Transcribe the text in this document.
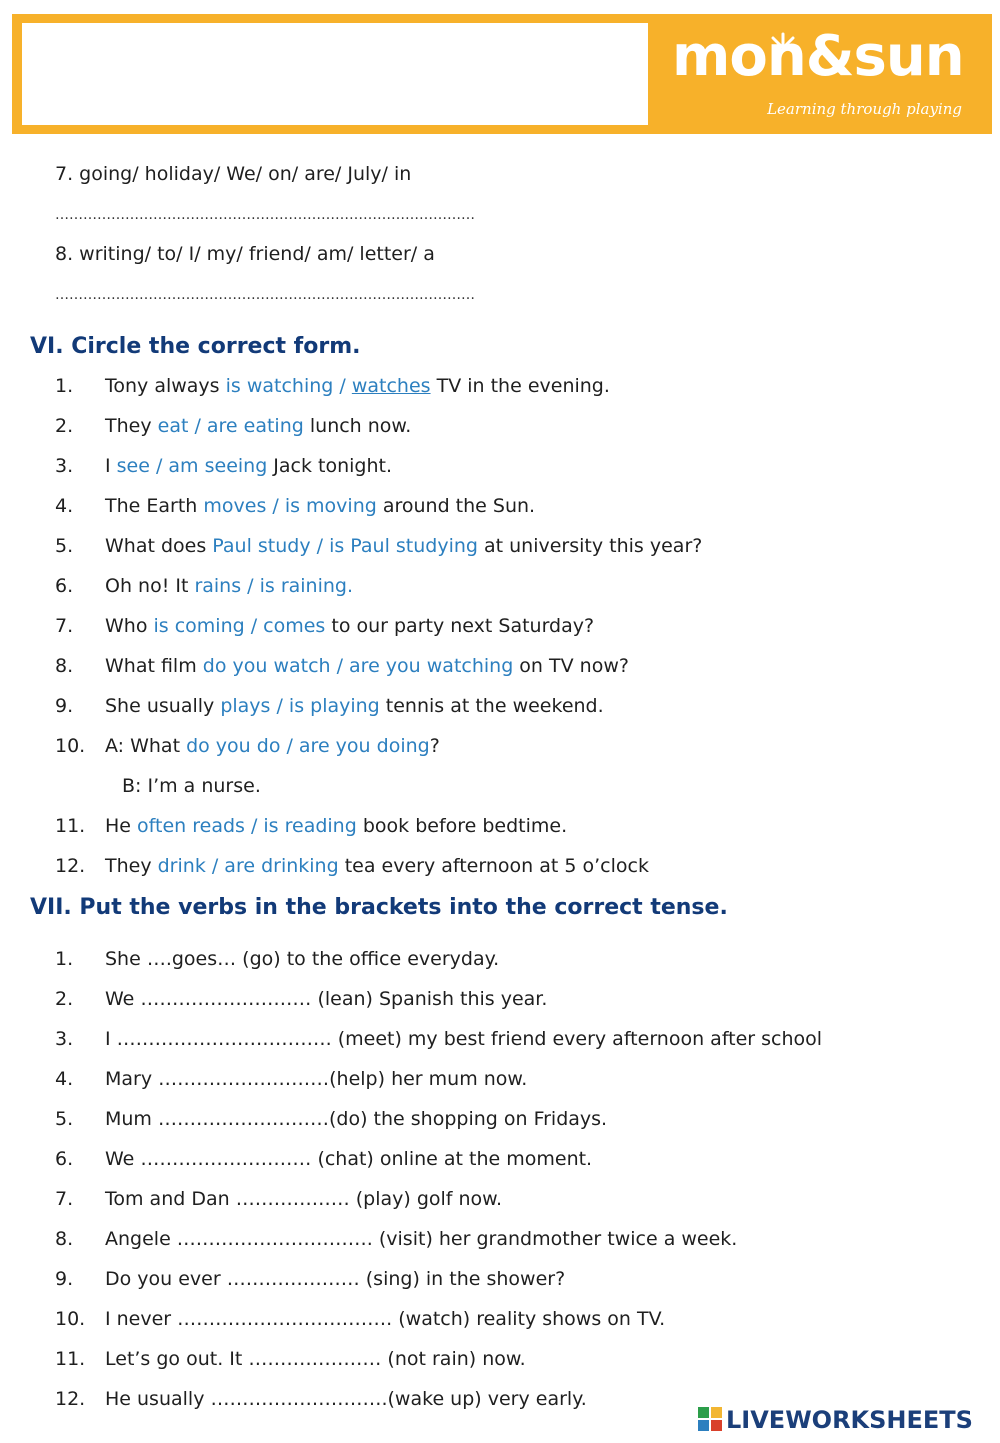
mon&sun
Learning through playing
7. going/ holiday/ We/ on/ are/ July/ in
………………………………………………………………………………
8. writing/ to/ I/ my/ friend/ am/ letter/ a
………………………………………………………………………………
VI. Circle the correct form.
1. Tony always is watching / watches TV in the evening.
2. They eat / are eating lunch now.
3. I see / am seeing Jack tonight.
4. The Earth moves / is moving around the Sun.
5. What does Paul study / is Paul studying at university this year?
6. Oh no! It rains / is raining.
7. Who is coming / comes to our party next Saturday?
8. What film do you watch / are you watching on TV now?
9. She usually plays / is playing tennis at the weekend.
10. A: What do you do / are you doing?
B: I’m a nurse.
11. He often reads / is reading book before bedtime.
12. They drink / are drinking tea every afternoon at 5 o’clock
VII. Put the verbs in the brackets into the correct tense.
1. She ….goes… (go) to the office everyday.
2. We ……………………… (lean) Spanish this year.
3. I ……………………………. (meet) my best friend every afternoon after school
4. Mary ………………………(help) her mum now.
5. Mum ………………………(do) the shopping on Fridays.
6. We ……………………… (chat) online at the moment.
7. Tom and Dan ……………… (play) golf now.
8. Angele …………………………. (visit) her grandmother twice a week.
9. Do you ever ………………… (sing) in the shower?
10. I never ……………………………. (watch) reality shows on TV.
11. Let’s go out. It ………………… (not rain) now.
12. He usually ……………………….(wake up) very early.
LIVEWORKSHEETS
